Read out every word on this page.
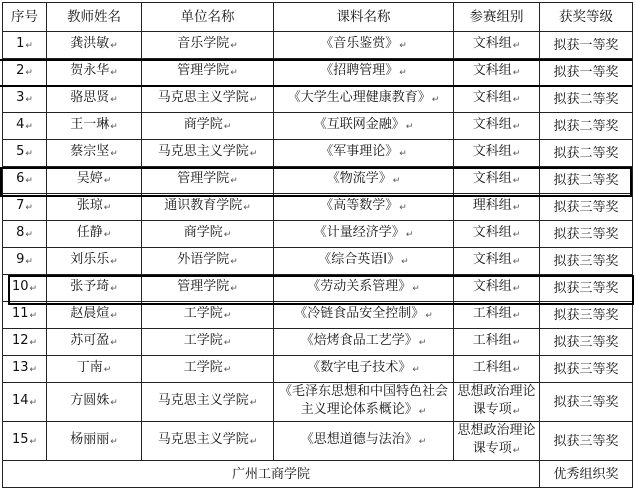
序号	教师姓名	单位名称	课料名称	参赛组别	获奖等级
1↵	龚洪敏↵	音乐学院↵	《音乐鉴赏》↵	文科组↵	拟获一等奖
2↵	贺永华↵	管理学院↵	《招聘管理》↵	文科组↵	拟获一等奖
3↵	骆思贤↵	马克思主义学院↵	《大学生心理健康教育》↵	文科组↵	拟获二等奖
4↵	王一琳↵	商学院↵	《互联网金融》↵	文科组↵	拟获二等奖
5↵	蔡宗坚↵	马克思主义学院↵	《军事理论》↵	文科组↵	拟获二等奖
6↵	吴婷↵	管理学院↵	《物流学》↵	文科组↵	拟获二等奖
7↵	张琼↵	通识教育学院↵	《高等数学》↵	理科组↵	拟获三等奖
8↵	任静↵	商学院↵	《计量经济学》↵	文科组↵	拟获三等奖
9↵	刘乐乐↵	外语学院↵	《综合英语Ⅰ》↵	文科组↵	拟获三等奖
10↵	张予琦↵	管理学院↵	《劳动关系管理》↵	文科组↵	拟获三等奖
11↵	赵晨煊↵	工学院↵	《冷链食品安全控制》↵	工科组↵	拟获三等奖
12↵	苏可盈↵	工学院↵	《焙烤食品工艺学》↵	工科组↵	拟获三等奖
13↵	丁南↵	工学院↵	《数字电子技术》↵	工科组↵	拟获三等奖
14↵	方圆姝↵	马克思主义学院↵	《毛泽东思想和中国特色社会主义理论体系概论》↵	思想政治理论课专项↵	拟获三等奖
15↵	杨丽丽↵	马克思主义学院↵	《思想道德与法治》↵	思想政治理论课专项↵	拟获三等奖
广州工商学院					优秀组织奖
